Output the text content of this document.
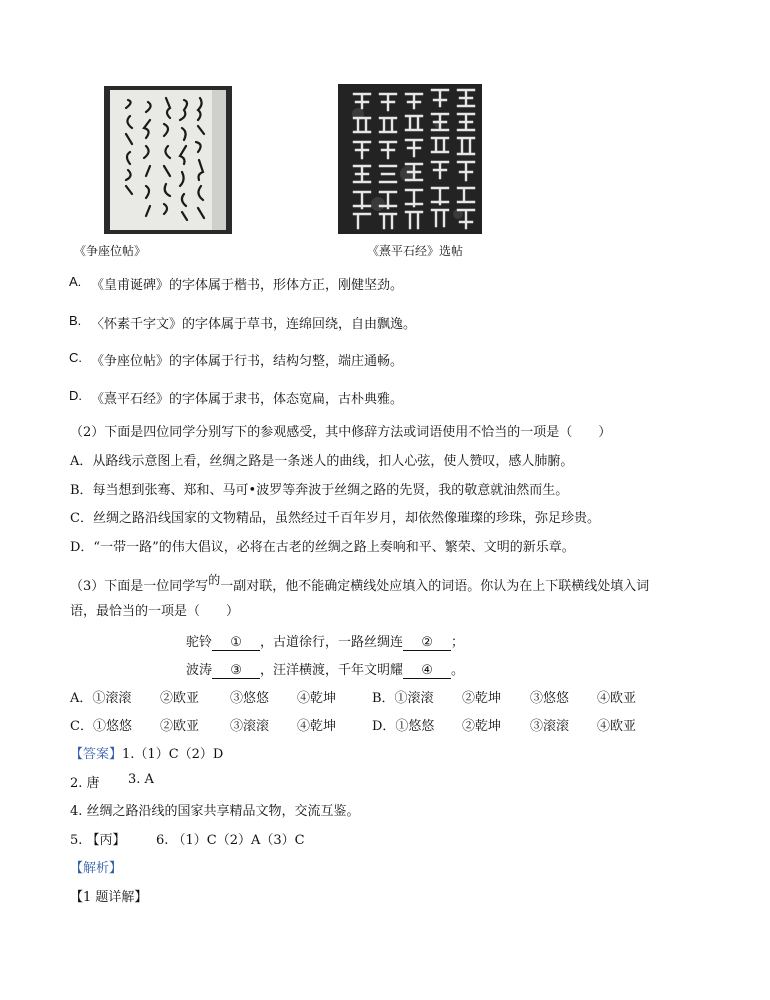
《争座位帖》	《熹平石经》选帖
A. 《皇甫诞碑》的字体属于楷书，形体方正，刚健坚劲。
B. 〈怀素千字文》的字体属于草书，连绵回绕，自由飘逸。
C. 《争座位帖》的字体属于行书，结构匀整，端庄通畅。
D. 《熹平石经》的字体属于隶书，体态宽扁，古朴典雅。
（2）下面是四位同学分别写下的参观感受，其中修辞方法或词语使用不恰当的一项是（　　）
A．从路线示意图上看，丝绸之路是一条迷人的曲线，扣人心弦，使人赞叹，感人肺腑。
B．每当想到张骞、郑和、马可•波罗等奔波于丝绸之路的先贤，我的敬意就油然而生。
C．丝绸之路沿线国家的文物精品，虽然经过千百年岁月，却依然像璀璨的珍珠，弥足珍贵。
D．“一带一路”的伟大倡议，必将在古老的丝绸之路上奏响和平、繁荣、文明的新乐章。
（3）下面是一位同学写的一副对联，他不能确定横线处应填入的词语。你认为在上下联横线处填入词
语，最恰当的一项是（　　）
驼铃 ① ，古道徐行，一路丝绸连 ② ；
波涛 ③ ，汪洋横渡，千年文明耀 ④ 。
A．①滚滚 ②欧亚 ③悠悠 ④乾坤	B．①滚滚 ②乾坤 ③悠悠 ④欧亚
C．①悠悠 ②欧亚 ③滚滚 ④乾坤	D．①悠悠 ②乾坤 ③滚滚 ④欧亚
【答案】1.（1）C（2）D
2. 唐 3. A
4. 丝绸之路沿线的国家共享精品文物，交流互鉴。
5. 【丙】 6. （1）C（2）A（3）C
【解析】
【1 题详解】
